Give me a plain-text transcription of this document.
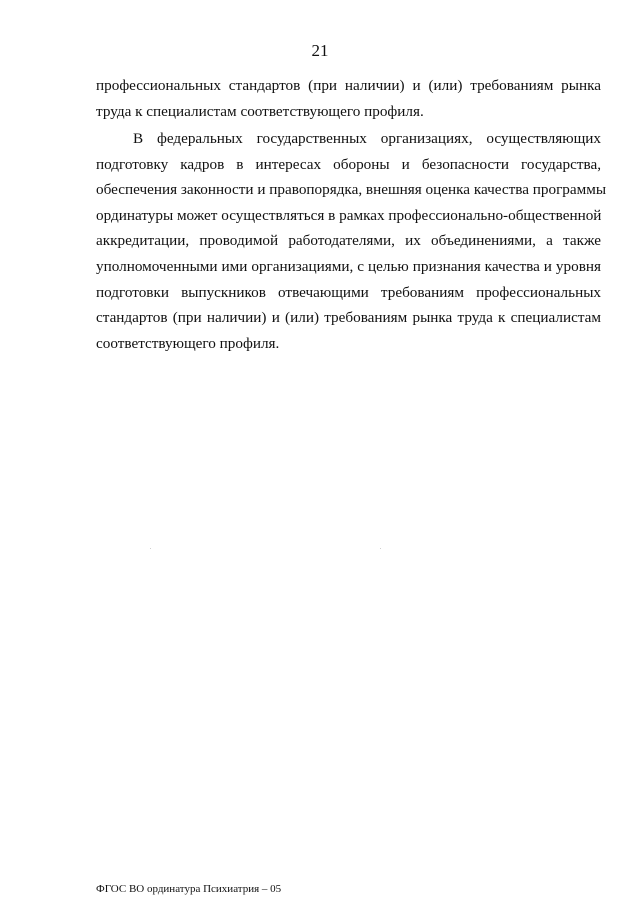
21
профессиональных стандартов (при наличии) и (или) требованиям рынка
труда к специалистам соответствующего профиля.
В федеральных государственных организациях, осуществляющих
подготовку кадров в интересах обороны и безопасности государства,
обеспечения законности и правопорядка, внешняя оценка качества программы
ординатуры может осуществляться в рамках профессионально-общественной
аккредитации, проводимой работодателями, их объединениями, а также
уполномоченными ими организациями, с целью признания качества и уровня
подготовки выпускников отвечающими требованиям профессиональных
стандартов (при наличии) и (или) требованиям рынка труда к специалистам
соответствующего профиля.
ФГОС ВО ординатура Психиатрия – 05
